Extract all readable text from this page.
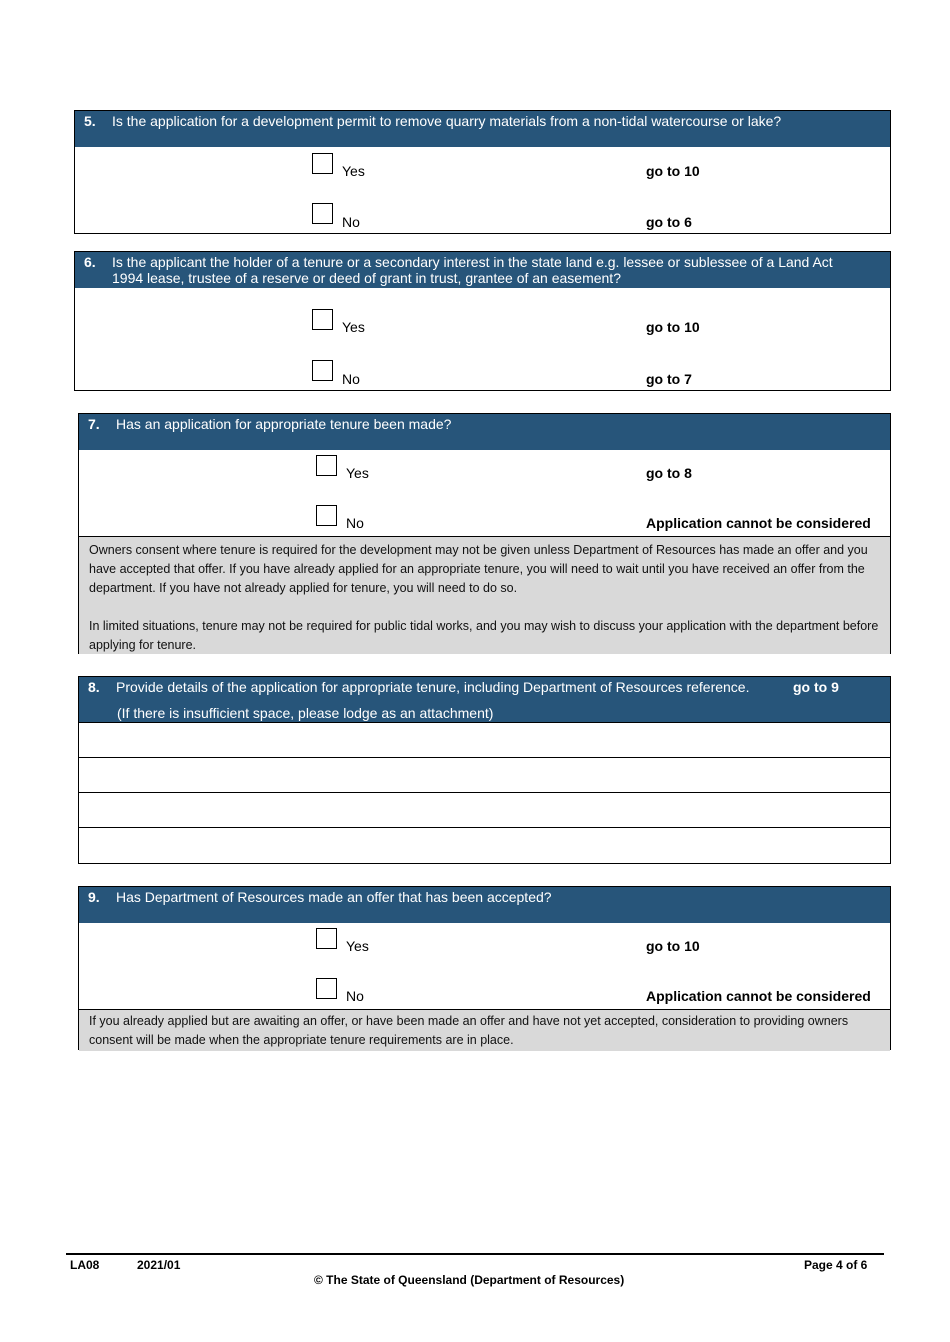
5. Is the application for a development permit to remove quarry materials from a non-tidal watercourse or lake?
Yes	go to 10
No	go to 6
6. Is the applicant the holder of a tenure or a secondary interest in the state land e.g. lessee or sublessee of a Land Act 1994 lease, trustee of a reserve or deed of grant in trust, grantee of an easement?
Yes	go to 10
No	go to 7
7. Has an application for appropriate tenure been made?
Yes	go to 8
No	Application cannot be considered

Owners consent where tenure is required for the development may not be given unless Department of Resources has made an offer and you have accepted that offer. If you have already applied for an appropriate tenure, you will need to wait until you have received an offer from the department. If you have not already applied for tenure, you will need to do so.

In limited situations, tenure may not be required for public tidal works, and you may wish to discuss your application with the department before applying for tenure.

8. Provide details of the application for appropriate tenure, including Department of Resources reference.	go to 9
(If there is insufficient space, please lodge as an attachment)
9. Has Department of Resources made an offer that has been accepted?
Yes	go to 10
No	Application cannot be considered

If you already applied but are awaiting an offer, or have been made an offer and have not yet accepted, consideration to providing owners consent will be made when the appropriate tenure requirements are in place.

LA08	2021/01	Page 4 of 6
© The State of Queensland (Department of Resources)
